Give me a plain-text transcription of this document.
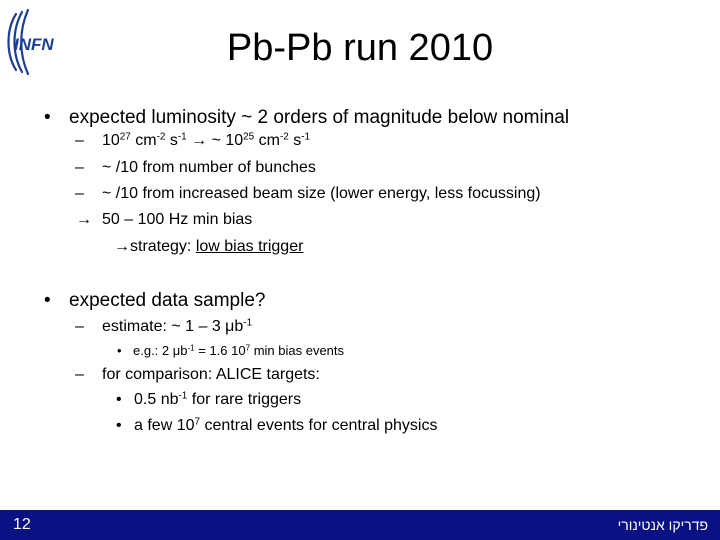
INFN	Pb-Pb run 2010
• expected luminosity ~ 2 orders of magnitude below nominal
– $10^{27}$ $cm^{-2}$ $s^{-1}$ → ~ $10^{25}$ $cm^{-2}$ $s^{-1}$
– ~ /10 from number of bunches
– ~ /10 from increased beam size (lower energy, less focussing)
→ 50 – 100 Hz min bias
→strategy: low bias trigger
• expected data sample?
– estimate: ~ 1 – 3 $\mu b^{-1}$
• e.g.: 2 $\mu b^{-1} = 1.6$ $10^7$ min bias events
– for comparison: ALICE targets:
• 0.5 $nb^{-1}$ for rare triggers
• a few $10^7$ central events for central physics
12	פדריקו אנטינורי
